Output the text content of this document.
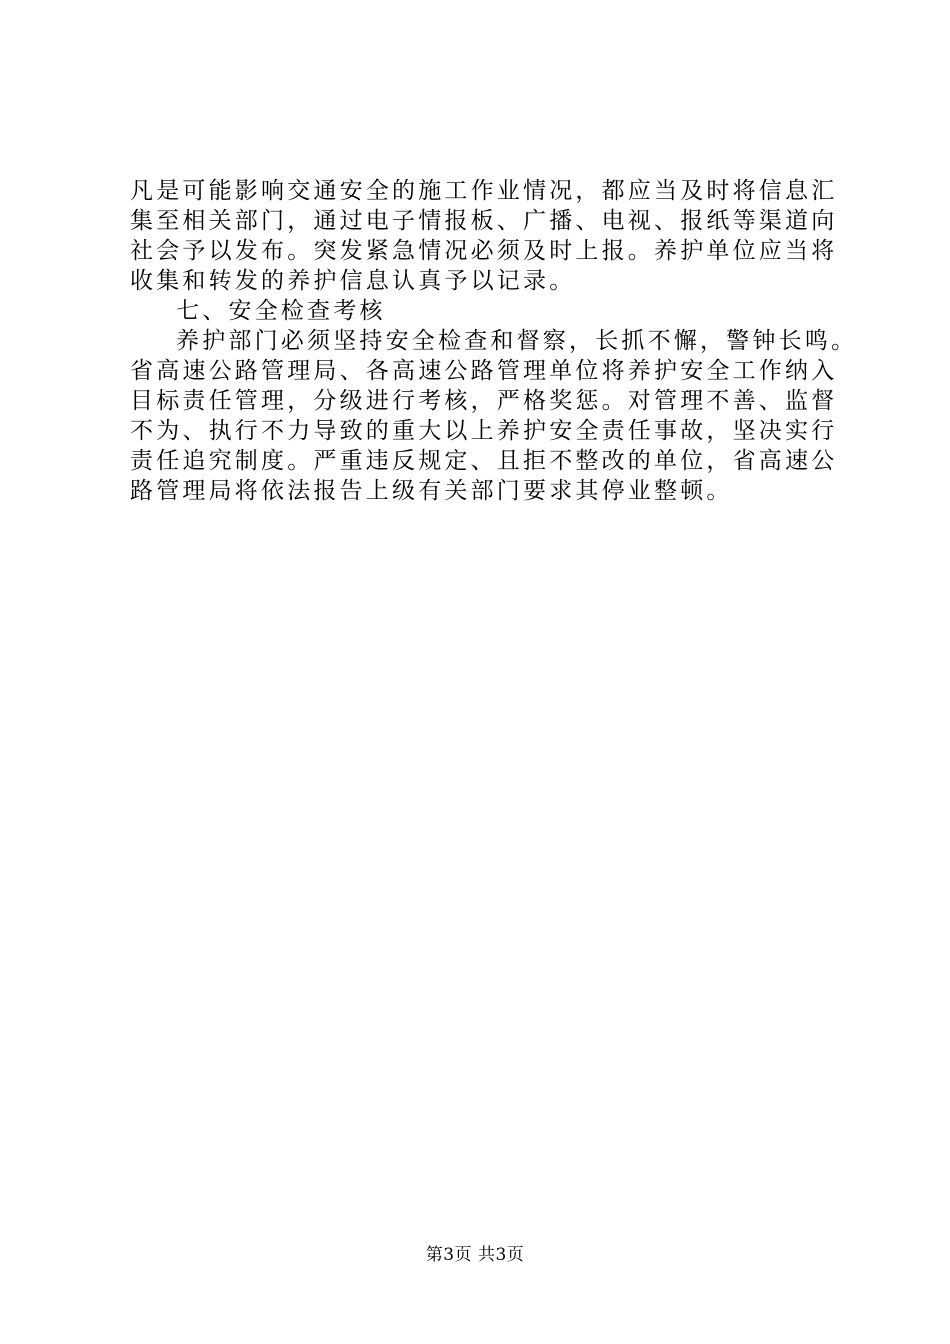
凡是可能影响交通安全的施工作业情况，都应当及时将信息汇
集至相关部门，通过电子情报板、广播、电视、报纸等渠道向
社会予以发布。突发紧急情况必须及时上报。养护单位应当将
收集和转发的养护信息认真予以记录。
七、安全检查考核
养护部门必须坚持安全检查和督察，长抓不懈，警钟长鸣。
省高速公路管理局、各高速公路管理单位将养护安全工作纳入
目标责任管理，分级进行考核，严格奖惩。对管理不善、监督
不为、执行不力导致的重大以上养护安全责任事故，坚决实行
责任追究制度。严重违反规定、且拒不整改的单位，省高速公
路管理局将依法报告上级有关部门要求其停业整顿。
第3页 共3页
